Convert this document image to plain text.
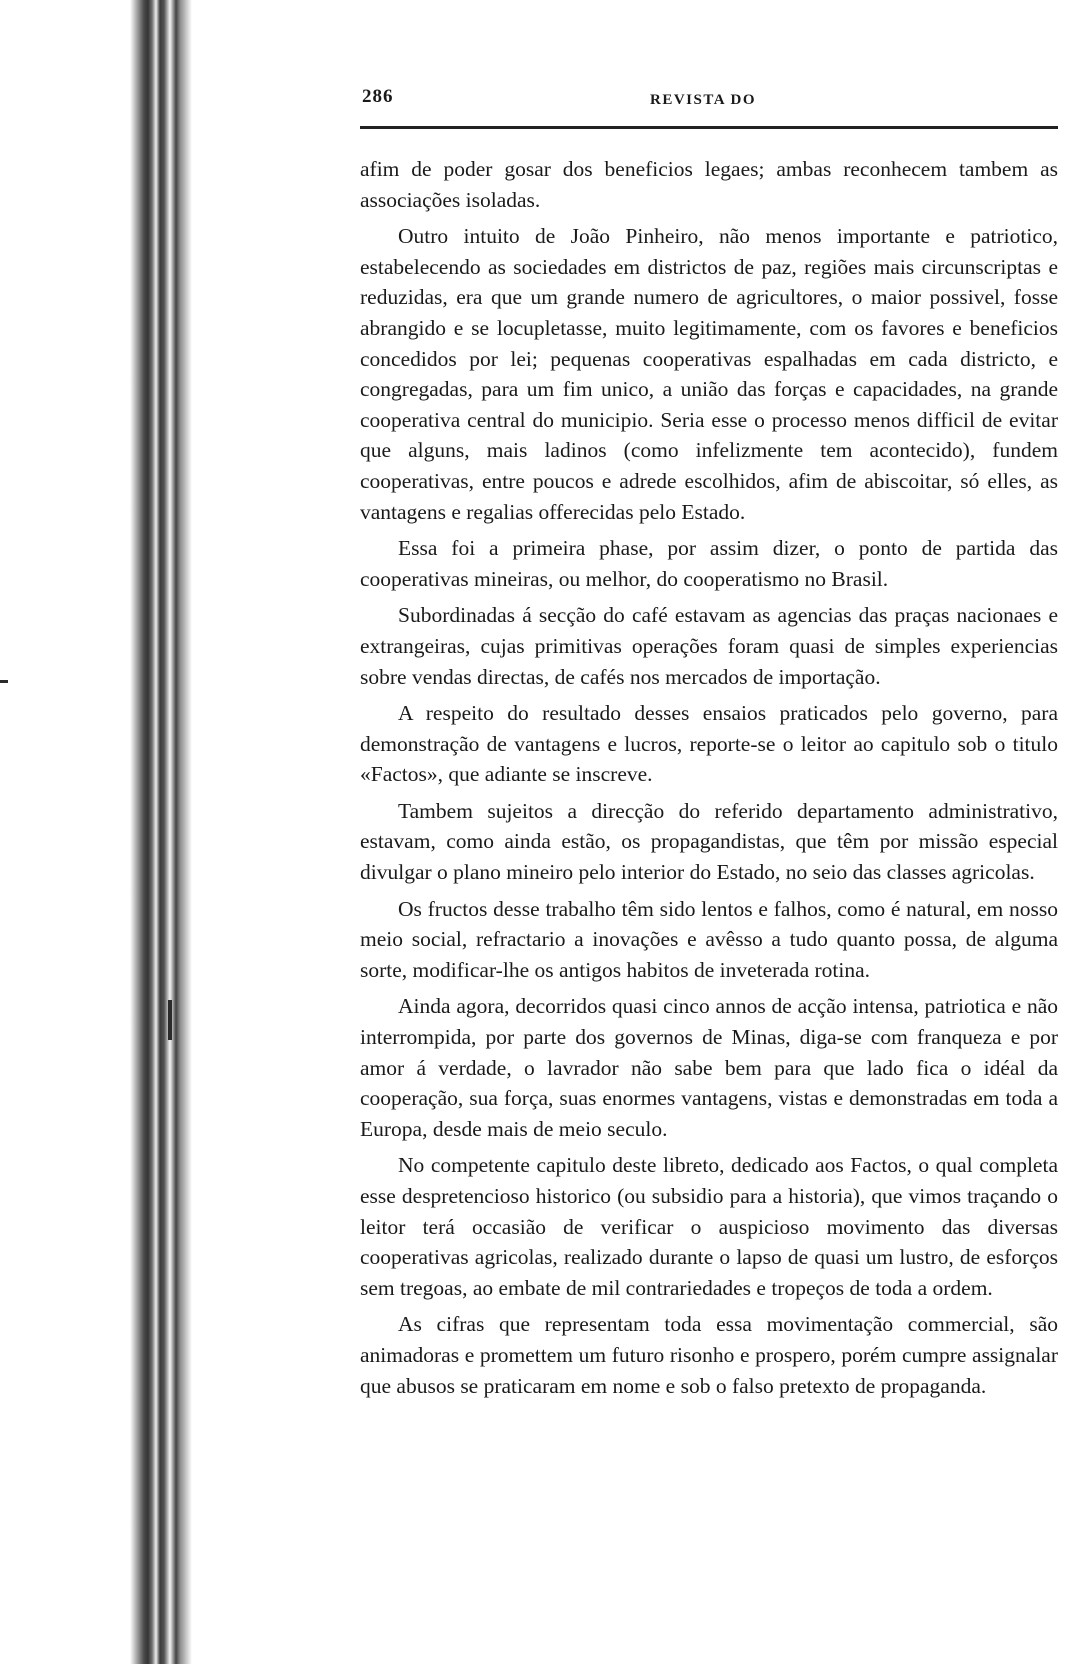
286	REVISTA DO

afim de poder gosar dos beneficios legaes; ambas reconhecem tambem as associações isoladas.

Outro intuito de João Pinheiro, não menos importante e patriotico, estabelecendo as sociedades em districtos de paz, regiões mais circunscriptas e reduzidas, era que um grande numero de agricultores, o maior possivel, fosse abrangido e se locupletasse, muito legitimamente, com os favores e beneficios concedidos por lei; pequenas cooperativas espalhadas em cada districto, e congregadas, para um fim unico, a união das forças e capacidades, na grande cooperativa central do municipio. Seria esse o processo menos difficil de evitar que alguns, mais ladinos (como infelizmente tem acontecido), fundem cooperativas, entre poucos e adrede escolhidos, afim de abiscoitar, só elles, as vantagens e regalias offerecidas pelo Estado.

Essa foi a primeira phase, por assim dizer, o ponto de partida das cooperativas mineiras, ou melhor, do cooperatismo no Brasil.

Subordinadas á secção do café estavam as agencias das praças nacionaes e extrangeiras, cujas primitivas operações foram quasi de simples experiencias sobre vendas directas, de cafés nos mercados de importação.

A respeito do resultado desses ensaios praticados pelo governo, para demonstração de vantagens e lucros, reporte-se o leitor ao capitulo sob o titulo «Factos», que adiante se inscreve.

Tambem sujeitos a direcção do referido departamento administrativo, estavam, como ainda estão, os propagandistas, que têm por missão especial divulgar o plano mineiro pelo interior do Estado, no seio das classes agricolas.

Os fructos desse trabalho têm sido lentos e falhos, como é natural, em nosso meio social, refractario a inovações e avêsso a tudo quanto possa, de alguma sorte, modificar-lhe os antigos habitos de inveterada rotina.

Ainda agora, decorridos quasi cinco annos de acção intensa, patriotica e não interrompida, por parte dos governos de Minas, diga-se com franqueza e por amor á verdade, o lavrador não sabe bem para que lado fica o idéal da cooperação, sua força, suas enormes vantagens, vistas e demonstradas em toda a Europa, desde mais de meio seculo.

No competente capitulo deste libreto, dedicado aos Factos, o qual completa esse despretencioso historico (ou subsidio para a historia), que vimos traçando o leitor terá occasião de verificar o auspicioso movimento das diversas cooperativas agricolas, realizado durante o lapso de quasi um lustro, de esforços sem tregoas, ao embate de mil contrariedades e tropeços de toda a ordem.

As cifras que representam toda essa movimentação commercial, são animadoras e promettem um futuro risonho e prospero, porém cumpre assignalar que abusos se praticaram em nome e sob o falso pretexto de propaganda.
